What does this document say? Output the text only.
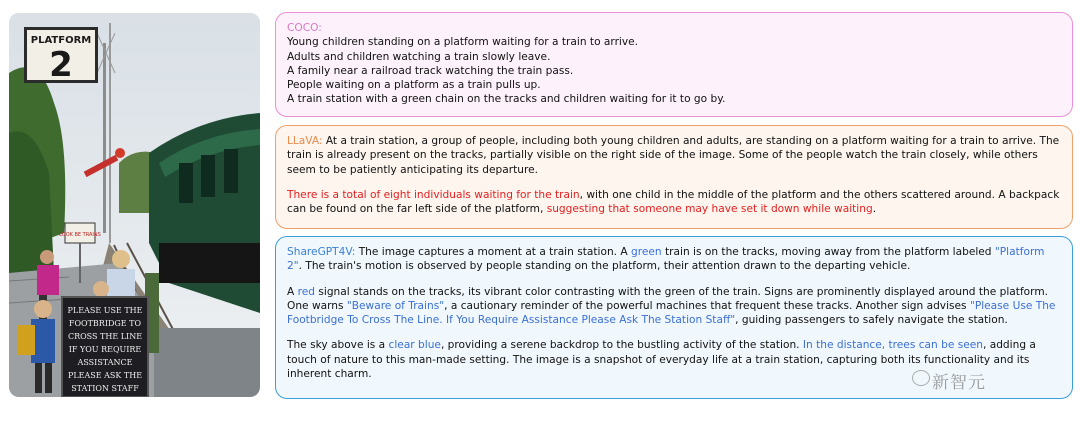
PLATFORM
2
LOOK BE TRAINS
PLEASE USE THE
FOOTBRIDGE TO
CROSS THE LINE
IF YOU REQUIRE
ASSISTANCE
PLEASE ASK THE
STATION STAFF
COCO:
Young children standing on a platform waiting for a train to arrive.
Adults and children watching a train slowly leave.
A family near a railroad track watching the train pass.
People waiting on a platform as a train pulls up.
A train station with a green chain on the tracks and children waiting for it to go by.

LLaVA: At a train station, a group of people, including both young children and adults, are standing on a platform waiting for a train to arrive. The train is already present on the tracks, partially visible on the right side of the image. Some of the people watch the train closely, while others seem to be patiently anticipating its departure.

There is a total of eight individuals waiting for the train, with one child in the middle of the platform and the others scattered around. A backpack can be found on the far left side of the platform, suggesting that someone may have set it down while waiting.

ShareGPT4V: The image captures a moment at a train station. A green train is on the tracks, moving away from the platform labeled "Platform 2". The train's motion is observed by people standing on the platform, their attention drawn to the departing vehicle.

A red signal stands on the tracks, its vibrant color contrasting with the green of the train. Signs are prominently displayed around the platform. One warns "Beware of Trains", a cautionary reminder of the powerful machines that frequent these tracks. Another sign advises "Please Use The Footbridge To Cross The Line. If You Require Assistance Please Ask The Station Staff", guiding passengers to safely navigate the station.

The sky above is a clear blue, providing a serene backdrop to the bustling activity of the station. In the distance, trees can be seen, adding a touch of nature to this man-made setting. The image is a snapshot of everyday life at a train station, capturing both its functionality and its inherent charm.	新智元
